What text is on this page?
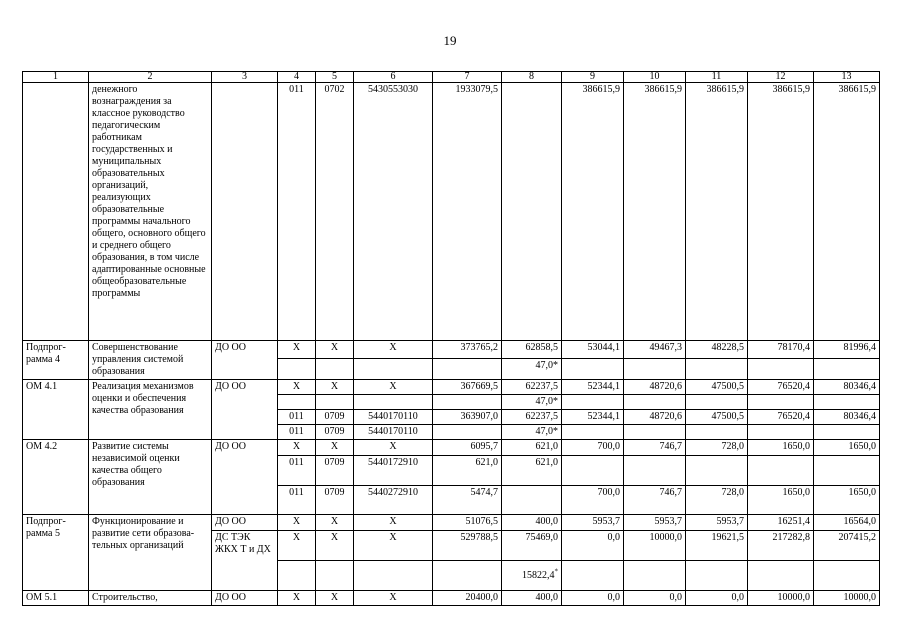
19
1	2	3	4	5	6	7	8	9	10	11	12	13
	денежного вознаграждения за классное руководство педагогическим работникам государственных и муниципальных образовательных организаций, реализующих образовательные программы начального общего, основного общего и среднего общего образования, в том числе адаптированные основные общеобразовательные программы		011	0702	5430553030	1933079,5		386615,9	386615,9	386615,9	386615,9	386615,9
Подпрог-рамма 4	Совершенствование управления системой образования	ДО ОО	Х	Х	Х	373765,2	62858,5	53044,1	49467,3	48228,5	78170,4	81996,4
							47,0*					
ОМ 4.1	Реализация механизмов оценки и обеспечения качества образования	ДО ОО	Х	Х	Х	367669,5	62237,5	52344,1	48720,6	47500,5	76520,4	80346,4
							47,0*					
			011	0709	5440170110	363907,0	62237,5	52344,1	48720,6	47500,5	76520,4	80346,4
			011	0709	5440170110		47,0*					
ОМ 4.2	Развитие системы независимой оценки качества общего образования	ДО ОО	Х	Х	Х	6095,7	621,0	700,0	746,7	728,0	1650,0	1650,0
			011	0709	5440172910	621,0	621,0					
			011	0709	5440272910	5474,7		700,0	746,7	728,0	1650,0	1650,0
Подпрог-рамма 5	Функционирование и развитие сети образова-тельных организаций	ДО ОО	Х	Х	Х	51076,5	400,0	5953,7	5953,7	5953,7	16251,4	16564,0
		ДС ТЭК ЖКХ Т и ДХ	Х	Х	Х	529788,5	75469,0	0,0	10000,0	19621,5	217282,8	207415,2
							15822,4*					
ОМ 5.1	Строительство,	ДО ОО	Х	Х	Х	20400,0	400,0	0,0	0,0	0,0	10000,0	10000,0
